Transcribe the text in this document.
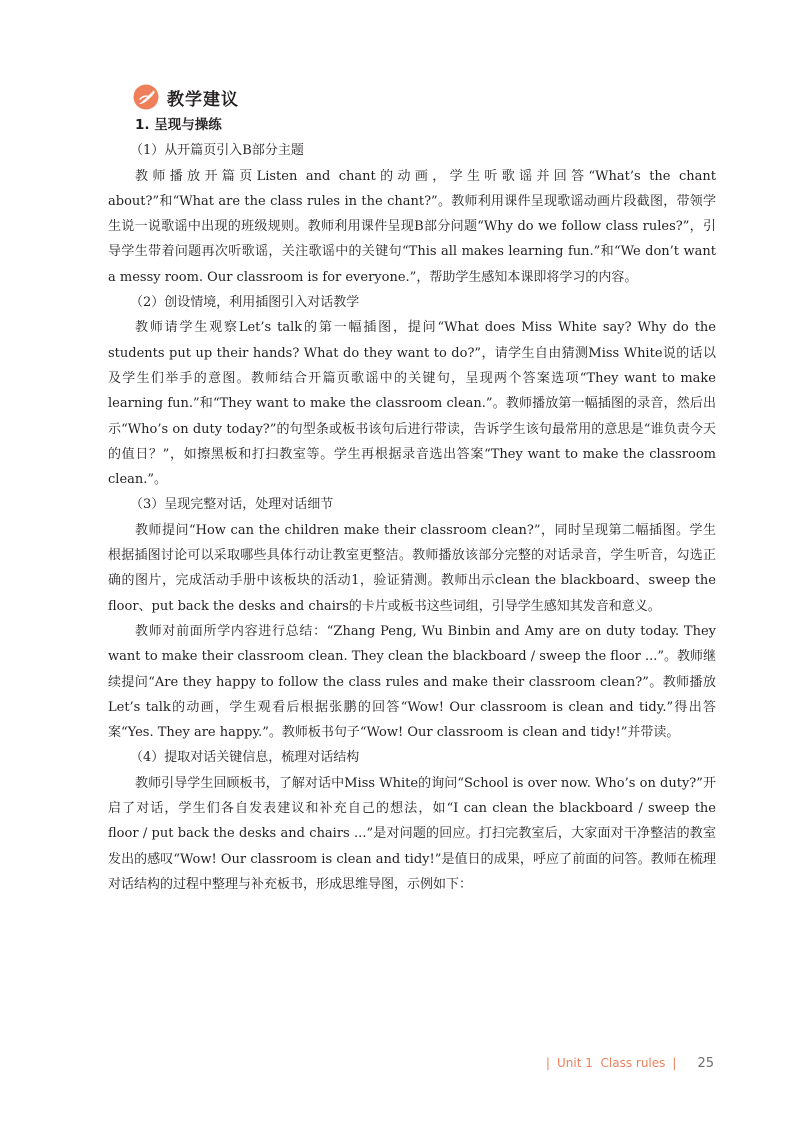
教学建议

1. 呈现与操练

（1）从开篇页引入B部分主题

教师播放开篇页Listen and chant的动画，学生听歌谣并回答“What’s the chant about?”和“What are the class rules in the chant?”。教师利用课件呈现歌谣动画片段截图，带领学生说一说歌谣中出现的班级规则。教师利用课件呈现B部分问题“Why do we follow class rules?”，引导学生带着问题再次听歌谣，关注歌谣中的关键句“This all makes learning fun.”和“We don’t want a messy room. Our classroom is for everyone.”，帮助学生感知本课即将学习的内容。

（2）创设情境，利用插图引入对话教学

教师请学生观察Let’s talk的第一幅插图，提问“What does Miss White say? Why do the students put up their hands? What do they want to do?”，请学生自由猜测Miss White说的话以及学生们举手的意图。教师结合开篇页歌谣中的关键句，呈现两个答案选项“They want to make learning fun.”和“They want to make the classroom clean.”。教师播放第一幅插图的录音，然后出示“Who’s on duty today?”的句型条或板书该句后进行带读，告诉学生该句最常用的意思是“谁负责今天的值日？”，如擦黑板和打扫教室等。学生再根据录音选出答案“They want to make the classroom clean.”。

（3）呈现完整对话，处理对话细节

教师提问“How can the children make their classroom clean?”，同时呈现第二幅插图。学生根据插图讨论可以采取哪些具体行动让教室更整洁。教师播放该部分完整的对话录音，学生听音，勾选正确的图片，完成活动手册中该板块的活动1，验证猜测。教师出示clean the blackboard、sweep the floor、put back the desks and chairs的卡片或板书这些词组，引导学生感知其发音和意义。

教师对前面所学内容进行总结：“Zhang Peng, Wu Binbin and Amy are on duty today. They want to make their classroom clean. They clean the blackboard / sweep the floor ...”。教师继续提问“Are they happy to follow the class rules and make their classroom clean?”。教师播放Let’s talk的动画，学生观看后根据张鹏的回答“Wow! Our classroom is clean and tidy.”得出答案“Yes. They are happy.”。教师板书句子“Wow! Our classroom is clean and tidy!”并带读。

（4）提取对话关键信息，梳理对话结构

教师引导学生回顾板书，了解对话中Miss White的询问“School is over now. Who’s on duty?”开启了对话，学生们各自发表建议和补充自己的想法，如“I can clean the blackboard / sweep the floor / put back the desks and chairs ...”是对问题的回应。打扫完教室后，大家面对干净整洁的教室发出的感叹“Wow! Our classroom is clean and tidy!”是值日的成果，呼应了前面的问答。教师在梳理对话结构的过程中整理与补充板书，形成思维导图，示例如下：

| Unit 1 Class rules | 25
